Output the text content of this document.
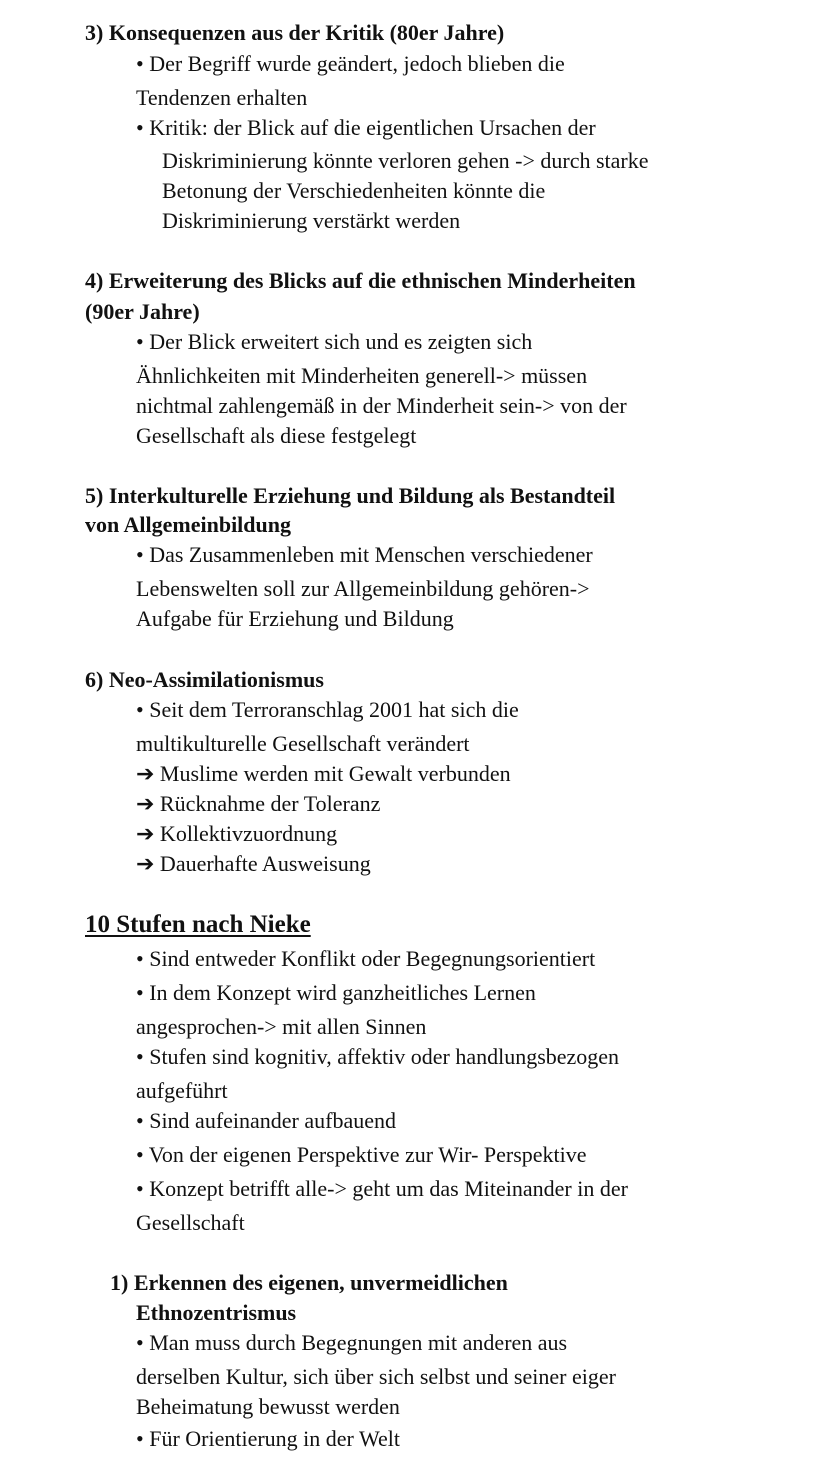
3) Konsequenzen aus der Kritik (80er Jahre)
• Der Begriff wurde geändert, jedoch blieben die
Tendenzen erhalten
• Kritik: der Blick auf die eigentlichen Ursachen der
Diskriminierung könnte verloren gehen -> durch starke
Betonung der Verschiedenheiten könnte die
Diskriminierung verstärkt werden
4) Erweiterung des Blicks auf die ethnischen Minderheiten
(90er Jahre)
• Der Blick erweitert sich und es zeigten sich
Ähnlichkeiten mit Minderheiten generell-> müssen
nichtmal zahlengemäß in der Minderheit sein-> von der
Gesellschaft als diese festgelegt
5) Interkulturelle Erziehung und Bildung als Bestandteil
von Allgemeinbildung
• Das Zusammenleben mit Menschen verschiedener
Lebenswelten soll zur Allgemeinbildung gehören->
Aufgabe für Erziehung und Bildung
6) Neo-Assimilationismus
• Seit dem Terroranschlag 2001 hat sich die
multikulturelle Gesellschaft verändert
➔ Muslime werden mit Gewalt verbunden
➔ Rücknahme der Toleranz
➔ Kollektivzuordnung
➔ Dauerhafte Ausweisung
10 Stufen nach Nieke
• Sind entweder Konflikt oder Begegnungsorientiert
• In dem Konzept wird ganzheitliches Lernen
angesprochen-> mit allen Sinnen
• Stufen sind kognitiv, affektiv oder handlungsbezogen
aufgeführt
• Sind aufeinander aufbauend
• Von der eigenen Perspektive zur Wir- Perspektive
• Konzept betrifft alle-> geht um das Miteinander in der
Gesellschaft
1) Erkennen des eigenen, unvermeidlichen
Ethnozentrismus
• Man muss durch Begegnungen mit anderen aus
derselben Kultur, sich über sich selbst und seiner eiger
Beheimatung bewusst werden
• Für Orientierung in der Welt
